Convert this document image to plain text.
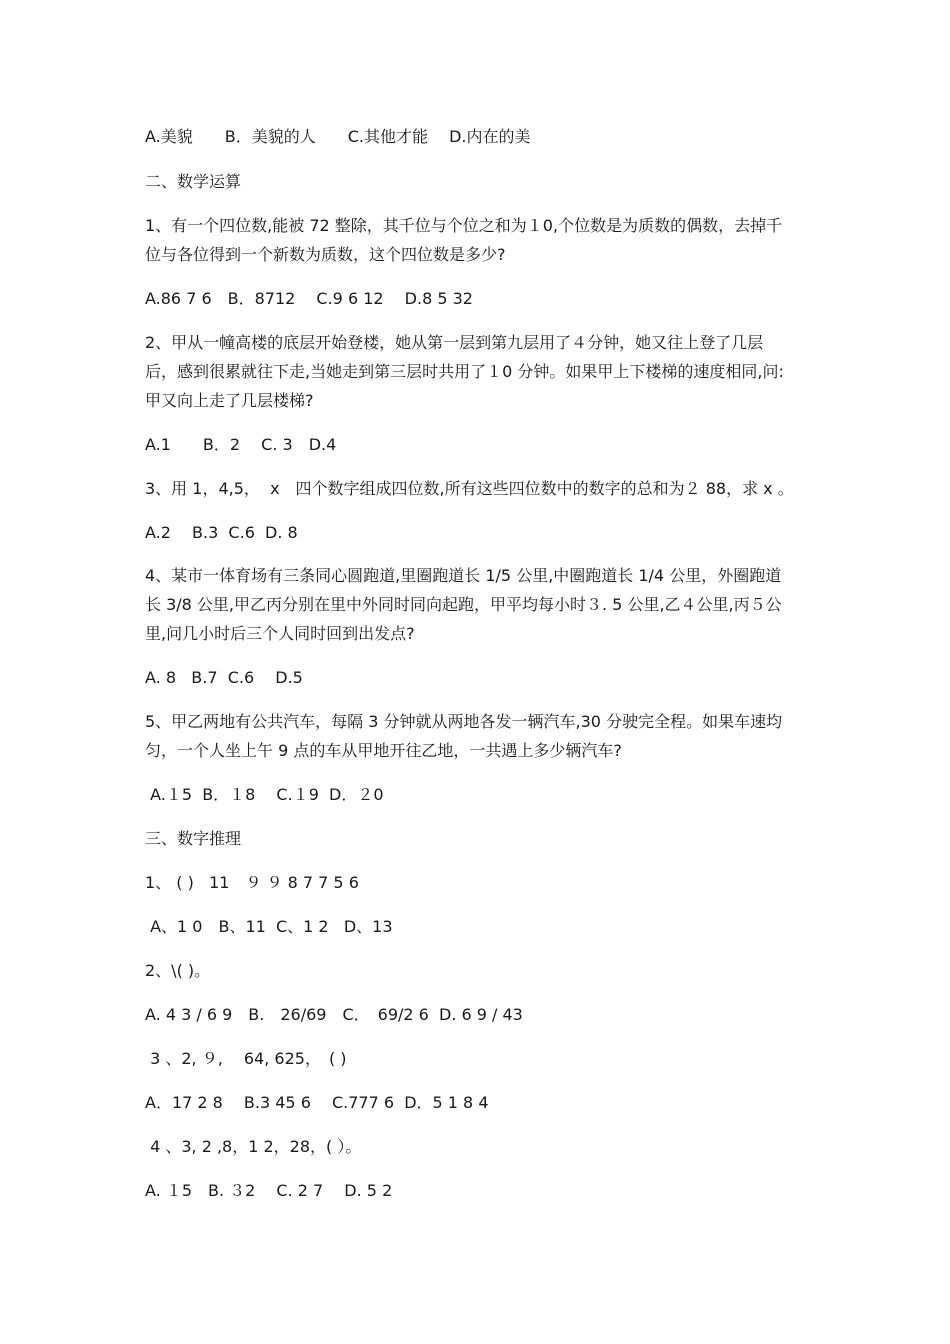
A.美貌　　B．美貌的人　　C.其他才能　 D.内在的美
二、数学运算
1、有一个四位数,能被 72 整除，其千位与个位之和为１0,个位数是为质数的偶数，去掉千
位与各位得到一个新数为质数，这个四位数是多少?
A.86 7 6　B．8712 　C.9 6 12　 D.8 5 32
2、甲从一幢高楼的底层开始登楼，她从第一层到第九层用了４分钟，她又往上登了几层
后，感到很累就往下走,当她走到第三层时共用了１0 分钟。如果甲上下楼梯的速度相同,问:
甲又向上走了几层楼梯?
A.1　　B．2　 C. 3　D.4
3、用 1，4,5，  x　四个数字组成四位数,所有这些四位数中的数字的总和为２ 88，求 x 。
A.2　 B.3  C.6  D. 8
4、某市一体育场有三条同心圆跑道,里圈跑道长 1/5 公里,中圈跑道长 1/4 公里，外圈跑道
长 3/8 公里,甲乙丙分别在里中外同时同向起跑，甲平均每小时３. 5 公里,乙４公里,丙５公
里,问几小时后三个人同时回到出发点?
A. 8   B.7  C.6　 D.5
5、甲乙两地有公共汽车，每隔 3 分钟就从两地各发一辆汽车,30 分驶完全程。如果车速均
匀，一个人坐上午 9 点的车从甲地开往乙地，一共遇上多少辆汽车?
A.１5  B．１8　 C.１9  D．２0
三、数字推理
1、 ( )   11　９ ９ 8 7 7 5 6
A、1 0　B、11  C、1 2   D、13
2、\( )。
A. 4 3 / 6 9　B.　26/69　C．　69/2 6  D. 6 9 / 43
3 、2, ９,　 64, 625，　( )
A．17 2 8　 B.3 45 6　 C.777 6  D．5 1 8 4
4 、3, 2 ,8，1 2，28，( ）。
A. １5　B. ３2 　C. 2 7　 D. 5 2
